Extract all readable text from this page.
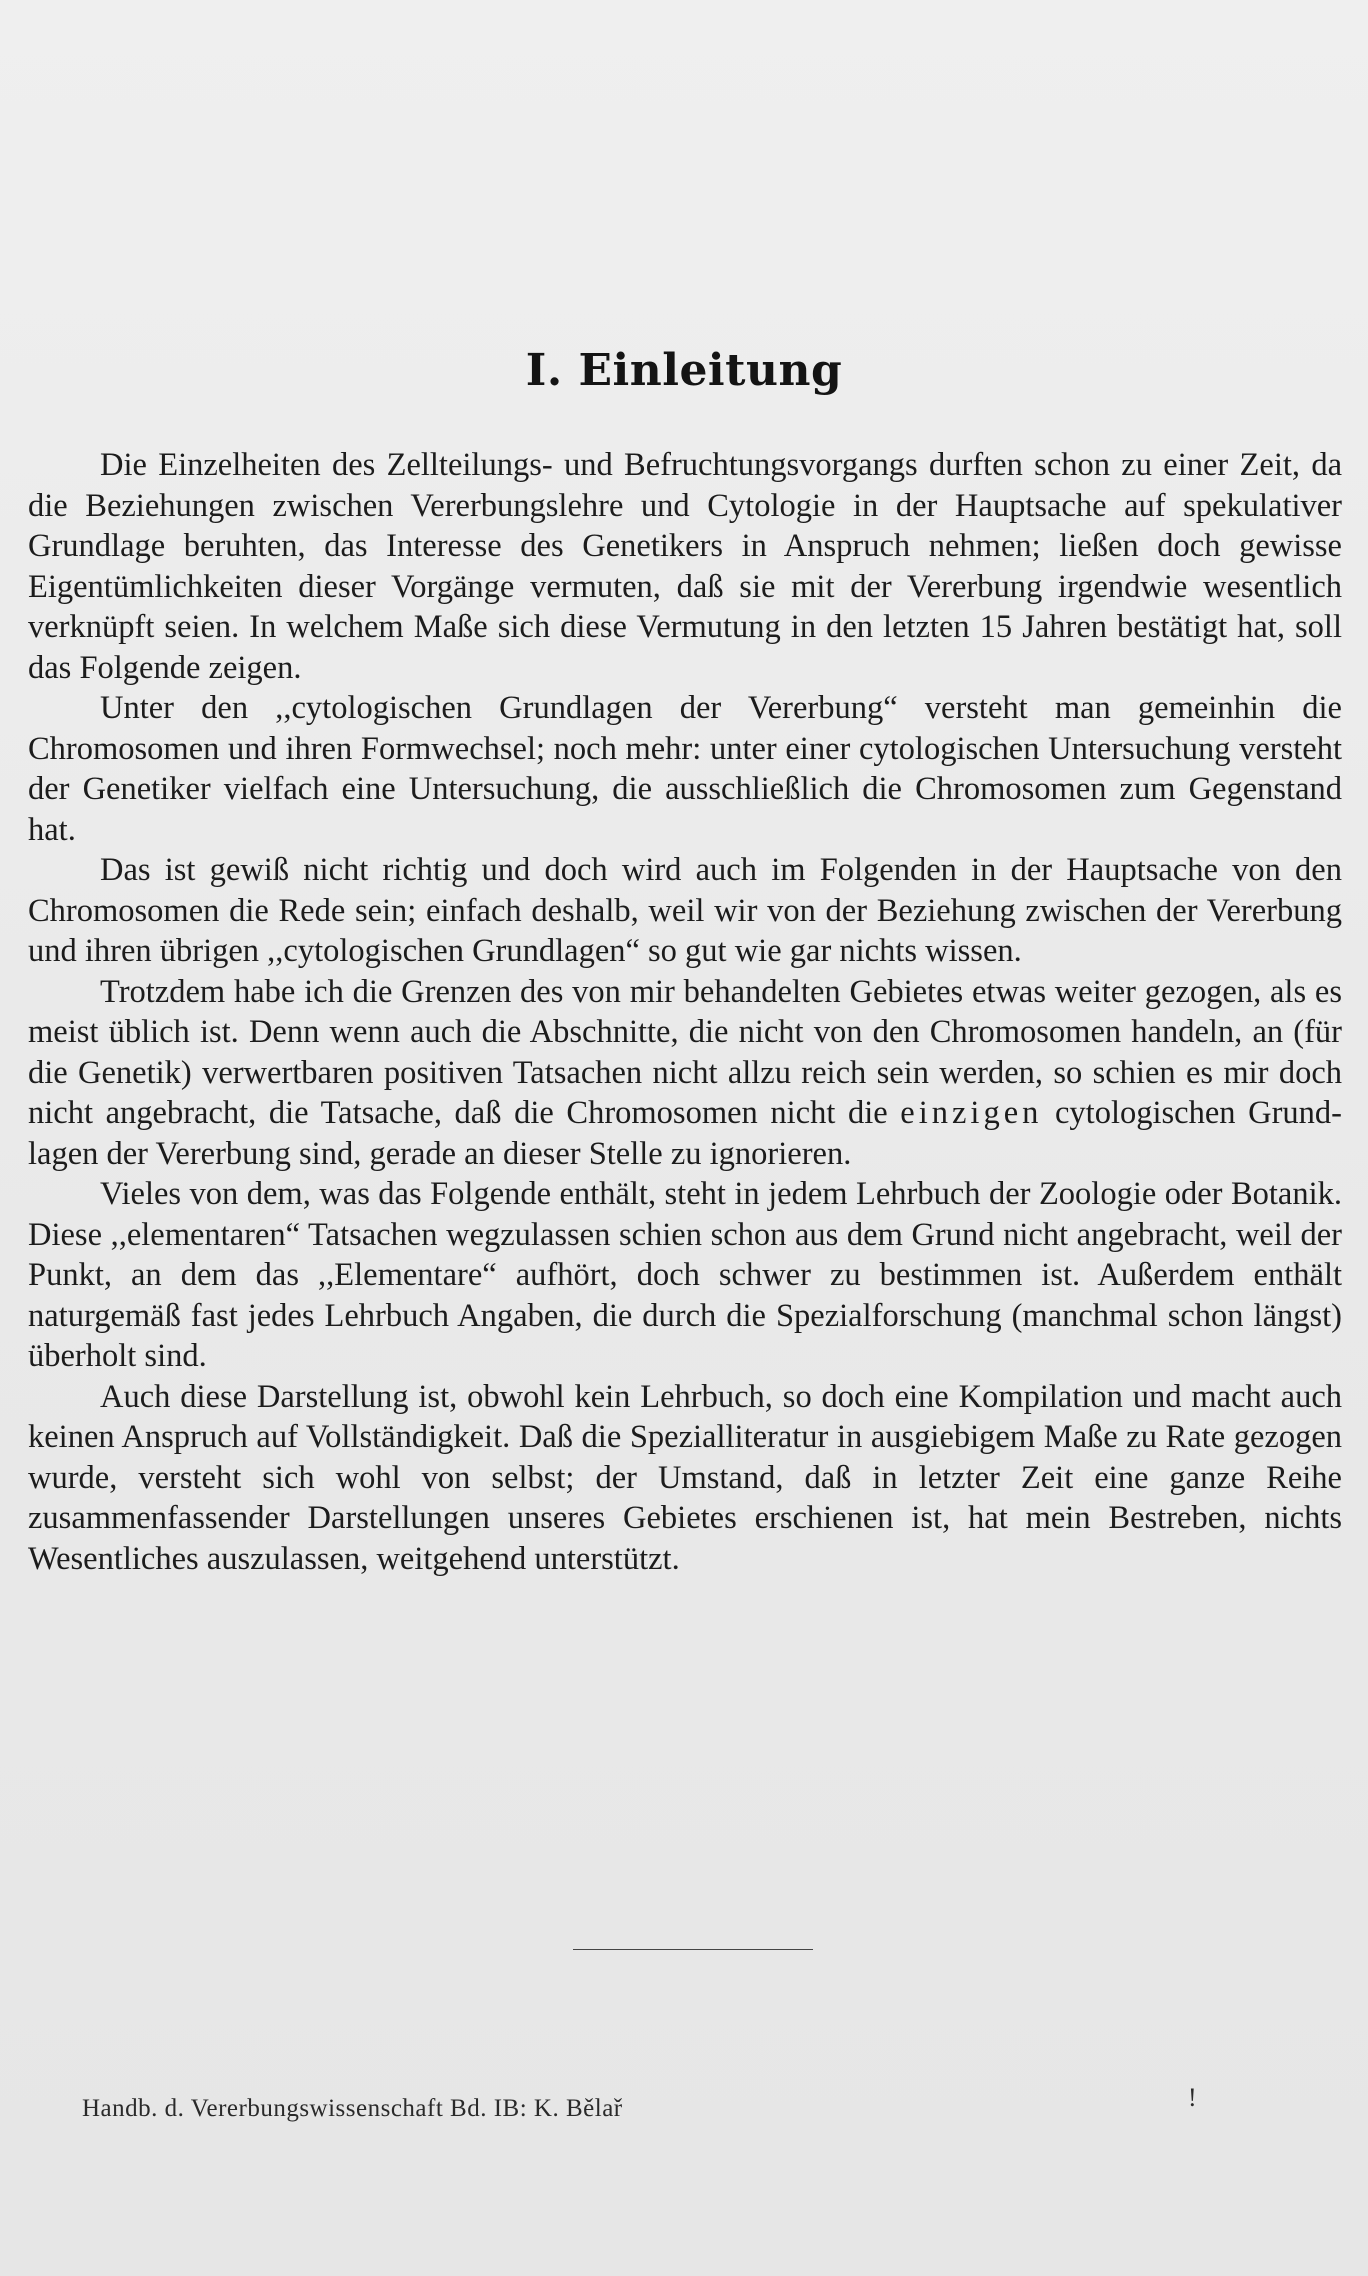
I. Einleitung

Die Einzelheiten des Zellteilungs- und Befruchtungsvorgangs durften schon zu einer Zeit, da die Beziehungen zwischen Vererbungslehre und Cytologie in der Hauptsache auf spekulativer Grundlage beruhten, das Interesse des Genetikers in Anspruch nehmen; ließen doch gewisse Eigentümlichkeiten dieser Vorgänge vermuten, daß sie mit der Vererbung irgendwie wesentlich verknüpft seien. In welchem Maße sich diese Vermutung in den letzten 15 Jahren bestätigt hat, soll das Folgende zeigen.

Unter den ,,cytologischen Grundlagen der Vererbung“ versteht man gemeinhin die Chromosomen und ihren Formwechsel; noch mehr: unter einer cytologischen Untersuchung versteht der Genetiker vielfach eine Untersuchung, die ausschließlich die Chromosomen zum Gegenstand hat.

Das ist gewiß nicht richtig und doch wird auch im Folgenden in der Hauptsache von den Chromosomen die Rede sein; einfach deshalb, weil wir von der Beziehung zwischen der Vererbung und ihren übrigen ,,cytologischen Grundlagen“ so gut wie gar nichts wissen.

Trotzdem habe ich die Grenzen des von mir behandelten Gebietes etwas weiter gezogen, als es meist üblich ist. Denn wenn auch die Abschnitte, die nicht von den Chromosomen handeln, an (für die Genetik) verwertbaren positiven Tatsachen nicht allzu reich sein werden, so schien es mir doch nicht angebracht, die Tatsache, daß die Chromosomen nicht die einzigen cytologischen Grundlagen der Vererbung sind, gerade an dieser Stelle zu ignorieren.

Vieles von dem, was das Folgende enthält, steht in jedem Lehrbuch der Zoologie oder Botanik. Diese ,,elementaren“ Tatsachen wegzulassen schien schon aus dem Grund nicht angebracht, weil der Punkt, an dem das ,,Elementare“ aufhört, doch schwer zu bestimmen ist. Außerdem enthält naturgemäß fast jedes Lehrbuch Angaben, die durch die Spezialforschung (manchmal schon längst) überholt sind.

Auch diese Darstellung ist, obwohl kein Lehrbuch, so doch eine Kompilation und macht auch keinen Anspruch auf Vollständigkeit. Daß die Spezialliteratur in ausgiebigem Maße zu Rate gezogen wurde, versteht sich wohl von selbst; der Umstand, daß in letzter Zeit eine ganze Reihe zusammenfassender Darstellungen unseres Gebietes erschienen ist, hat mein Bestreben, nichts Wesentliches auszulassen, weitgehend unterstützt.

Handb. d. Vererbungswissenschaft Bd. IB: K. Bělař	!
